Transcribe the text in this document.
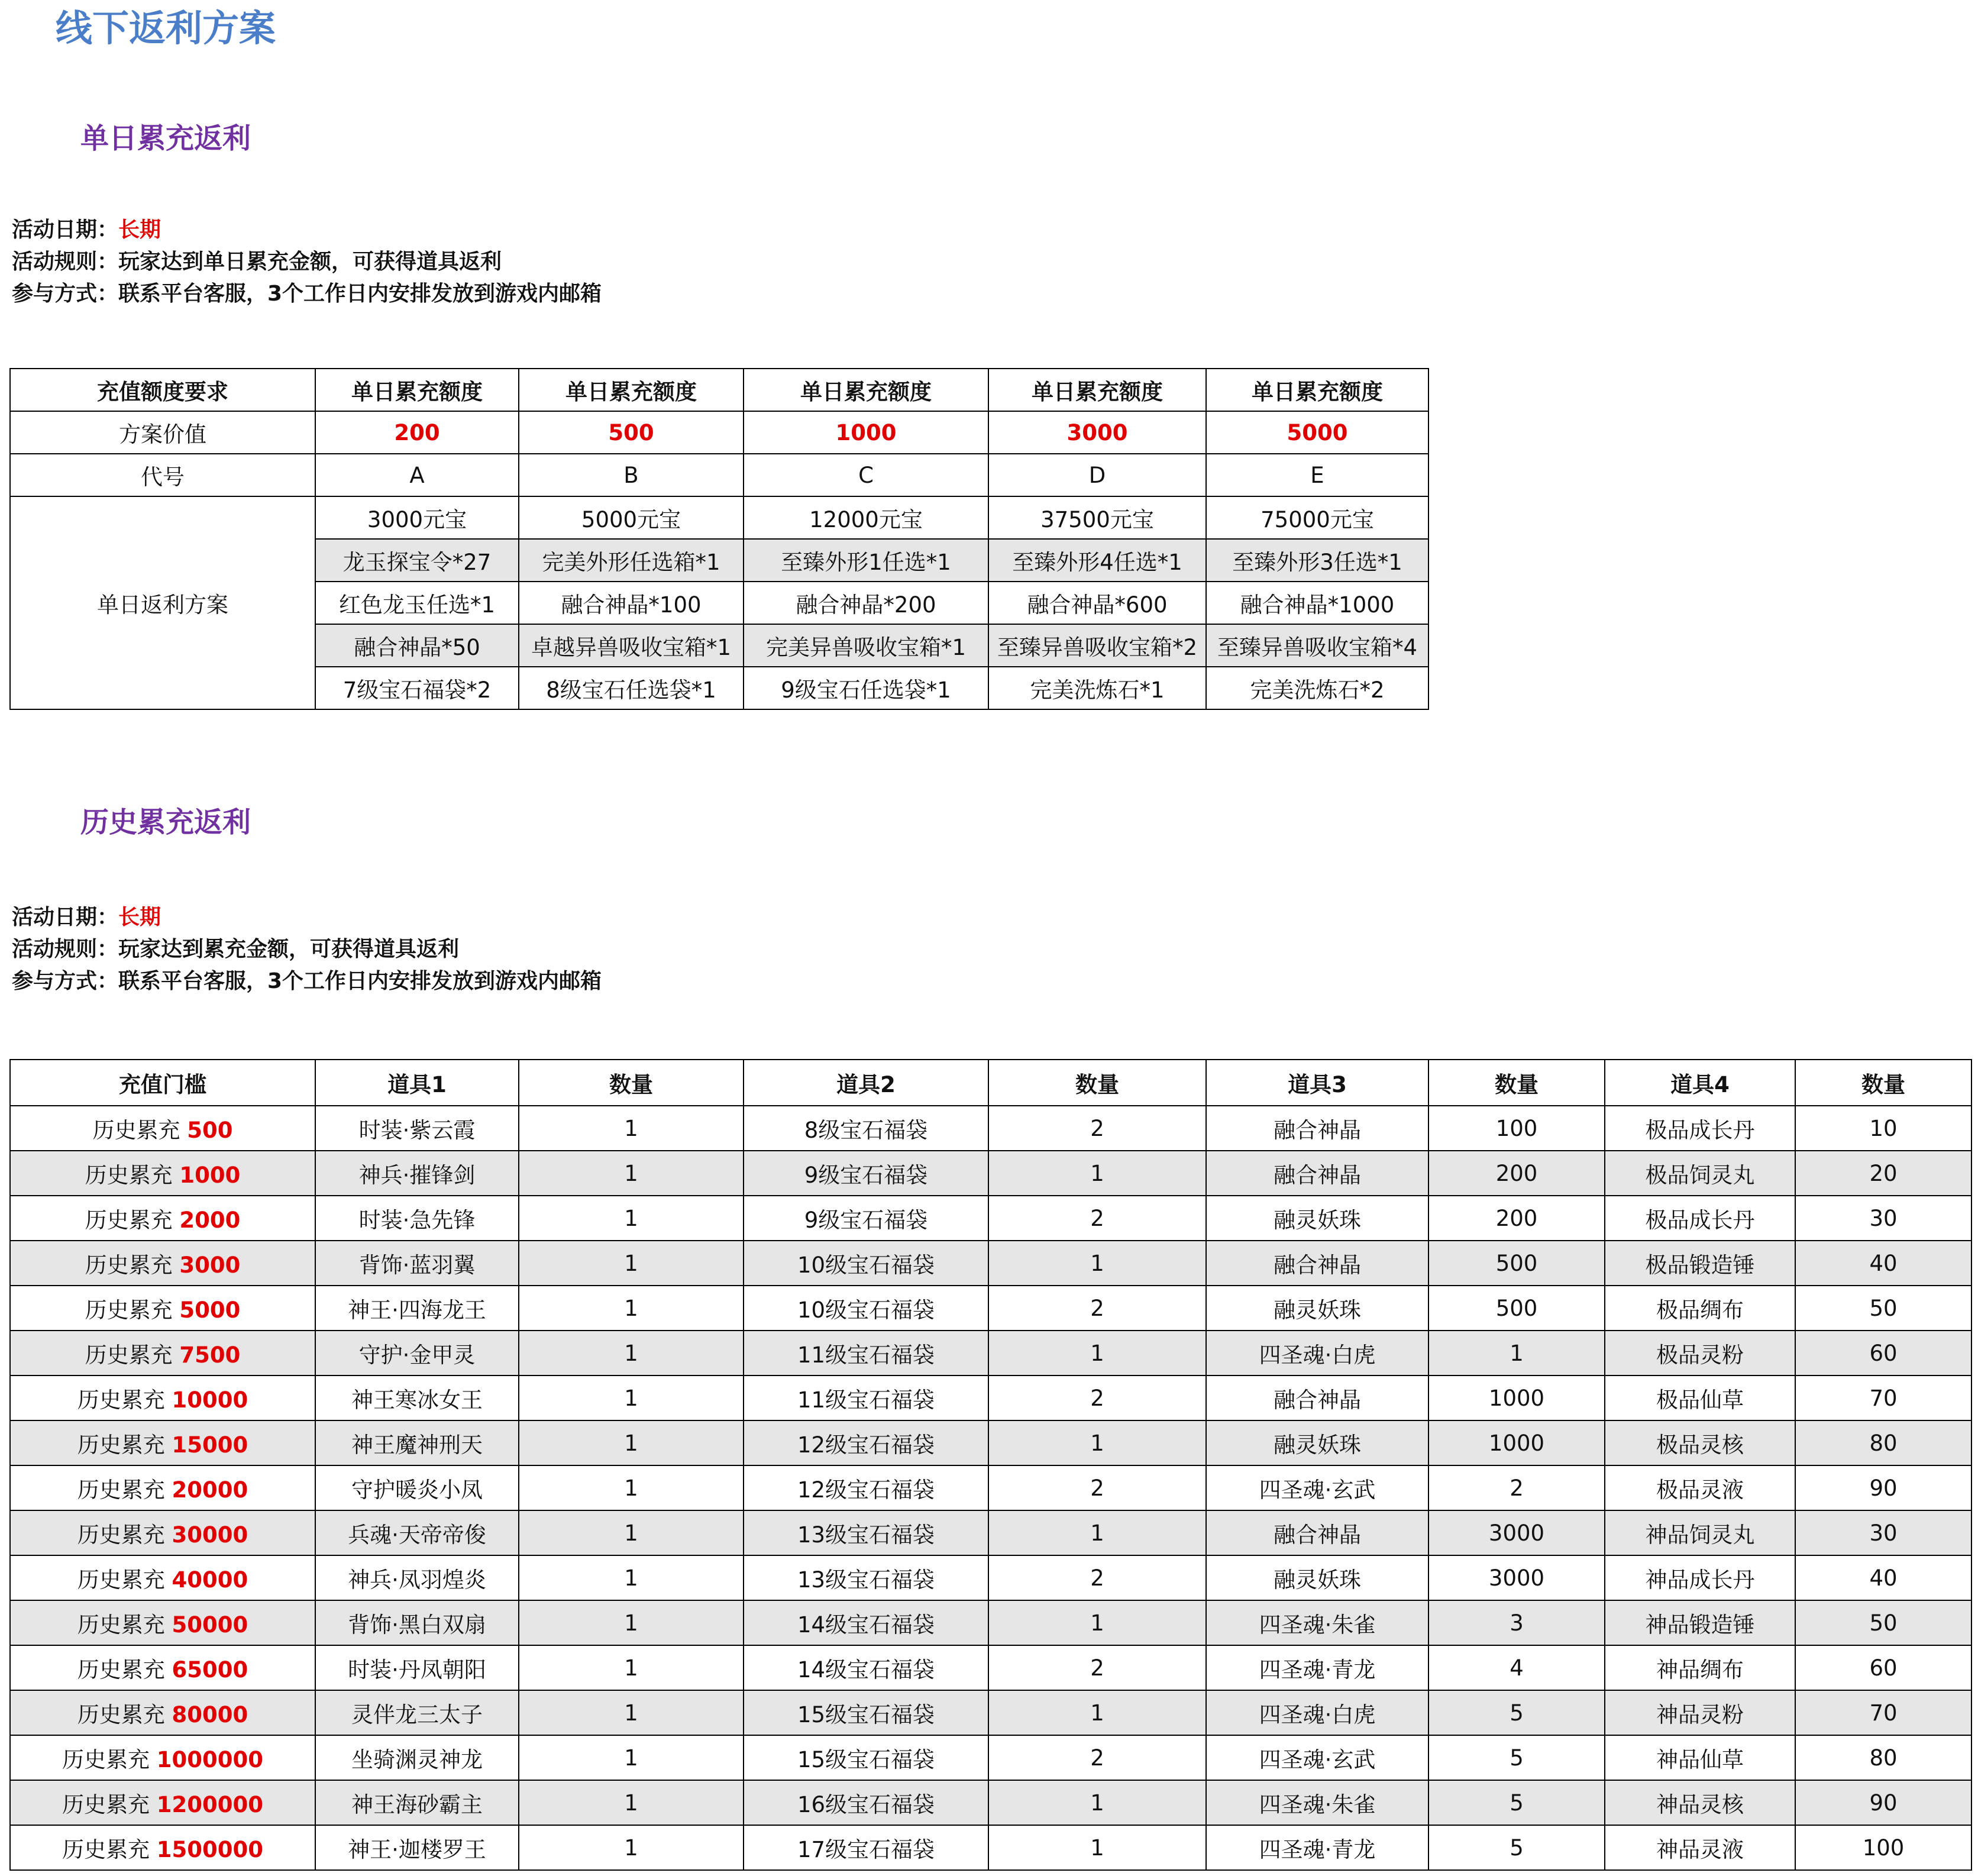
线下返利方案
单日累充返利
活动日期：长期
活动规则：玩家达到单日累充金额，可获得道具返利
参与方式：联系平台客服，3个工作日内安排发放到游戏内邮箱
充值额度要求	单日累充额度	单日累充额度	单日累充额度	单日累充额度	单日累充额度
方案价值	200	500	1000	3000	5000
代号	A	B	C	D	E
单日返利方案	3000元宝	5000元宝	12000元宝	37500元宝	75000元宝
	龙玉探宝令*27	完美外形任选箱*1	至臻外形1任选*1	至臻外形4任选*1	至臻外形3任选*1
	红色龙玉任选*1	融合神晶*100	融合神晶*200	融合神晶*600	融合神晶*1000
	融合神晶*50	卓越异兽吸收宝箱*1	完美异兽吸收宝箱*1	至臻异兽吸收宝箱*2	至臻异兽吸收宝箱*4
	7级宝石福袋*2	8级宝石任选袋*1	9级宝石任选袋*1	完美洗炼石*1	完美洗炼石*2
历史累充返利
活动日期：长期
活动规则：玩家达到累充金额，可获得道具返利
参与方式：联系平台客服，3个工作日内安排发放到游戏内邮箱
充值门槛	道具1	数量	道具2	数量	道具3	数量	道具4	数量
历史累充 500	时装·紫云霞	1	8级宝石福袋	2	融合神晶	100	极品成长丹	10
历史累充 1000	神兵·摧锋剑	1	9级宝石福袋	1	融合神晶	200	极品饲灵丸	20
历史累充 2000	时装·急先锋	1	9级宝石福袋	2	融灵妖珠	200	极品成长丹	30
历史累充 3000	背饰·蓝羽翼	1	10级宝石福袋	1	融合神晶	500	极品锻造锤	40
历史累充 5000	神王·四海龙王	1	10级宝石福袋	2	融灵妖珠	500	极品绸布	50
历史累充 7500	守护·金甲灵	1	11级宝石福袋	1	四圣魂·白虎	1	极品灵粉	60
历史累充 10000	神王寒冰女王	1	11级宝石福袋	2	融合神晶	1000	极品仙草	70
历史累充 15000	神王魔神刑天	1	12级宝石福袋	1	融灵妖珠	1000	极品灵核	80
历史累充 20000	守护暖炎小凤	1	12级宝石福袋	2	四圣魂·玄武	2	极品灵液	90
历史累充 30000	兵魂·天帝帝俊	1	13级宝石福袋	1	融合神晶	3000	神品饲灵丸	30
历史累充 40000	神兵·凤羽煌炎	1	13级宝石福袋	2	融灵妖珠	3000	神品成长丹	40
历史累充 50000	背饰·黑白双扇	1	14级宝石福袋	1	四圣魂·朱雀	3	神品锻造锤	50
历史累充 65000	时装·丹凤朝阳	1	14级宝石福袋	2	四圣魂·青龙	4	神品绸布	60
历史累充 80000	灵伴龙三太子	1	15级宝石福袋	1	四圣魂·白虎	5	神品灵粉	70
历史累充 1000000	坐骑渊灵神龙	1	15级宝石福袋	2	四圣魂·玄武	5	神品仙草	80
历史累充 1200000	神王海砂霸主	1	16级宝石福袋	1	四圣魂·朱雀	5	神品灵核	90
历史累充 1500000	神王·迦楼罗王	1	17级宝石福袋	1	四圣魂·青龙	5	神品灵液	100
